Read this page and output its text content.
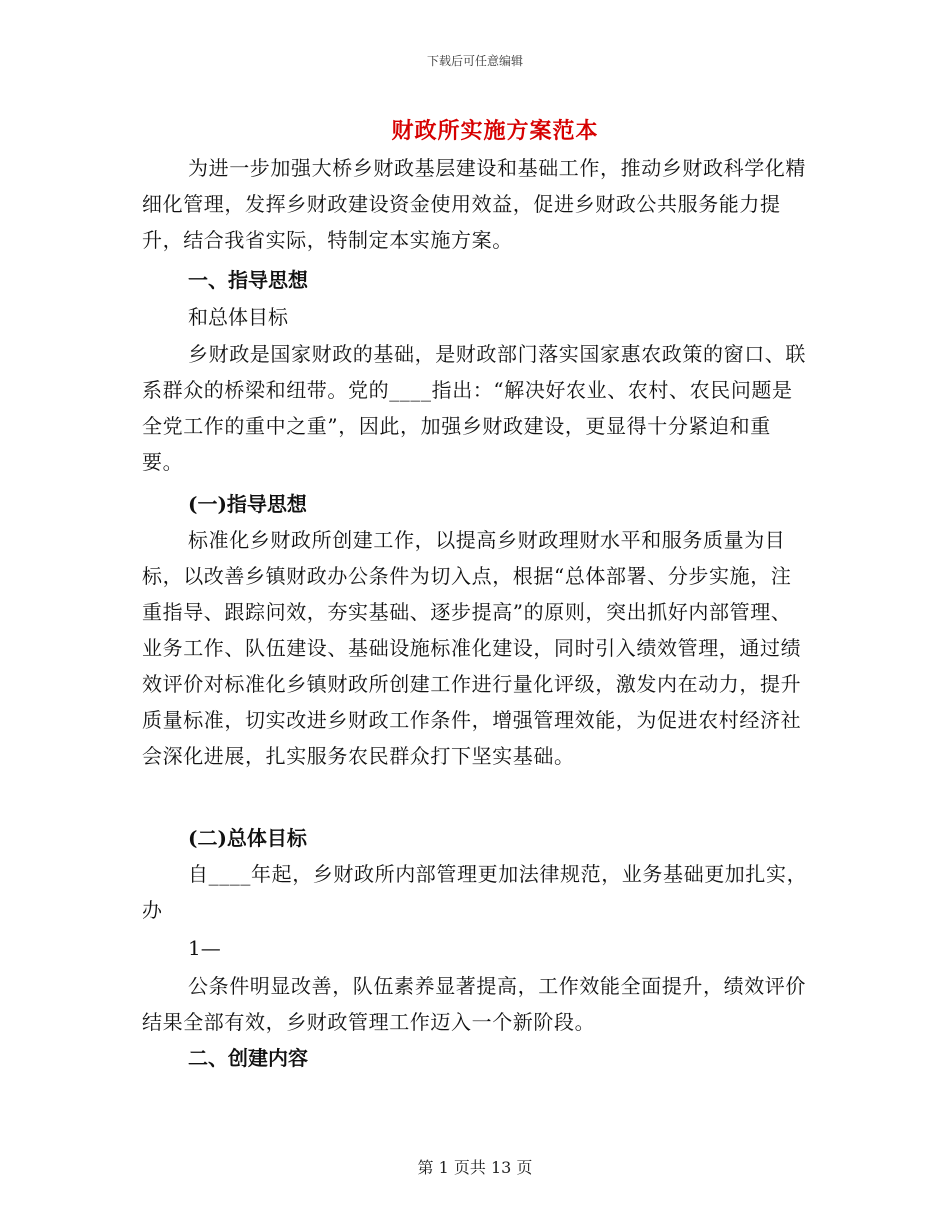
下载后可任意编辑
财政所实施方案范本
为进一步加强大桥乡财政基层建设和基础工作，推动乡财政科学化精细化管理，发挥乡财政建设资金使用效益，促进乡财政公共服务能力提升，结合我省实际，特制定本实施方案。
一、指导思想
和总体目标
乡财政是国家财政的基础，是财政部门落实国家惠农政策的窗口、联系群众的桥梁和纽带。党的____指出：“解决好农业、农村、农民问题是全党工作的重中之重”，因此，加强乡财政建设，更显得十分紧迫和重要。
(一)指导思想
标准化乡财政所创建工作，以提高乡财政理财水平和服务质量为目标，以改善乡镇财政办公条件为切入点，根据“总体部署、分步实施，注重指导、跟踪问效，夯实基础、逐步提高”的原则，突出抓好内部管理、业务工作、队伍建设、基础设施标准化建设，同时引入绩效管理，通过绩效评价对标准化乡镇财政所创建工作进行量化评级，激发内在动力，提升质量标准，切实改进乡财政工作条件，增强管理效能，为促进农村经济社会深化进展，扎实服务农民群众打下坚实基础。
(二)总体目标
自____年起，乡财政所内部管理更加法律规范，业务基础更加扎实，办
1—
公条件明显改善，队伍素养显著提高，工作效能全面提升，绩效评价结果全部有效，乡财政管理工作迈入一个新阶段。
二、创建内容
第 1 页共 13 页
